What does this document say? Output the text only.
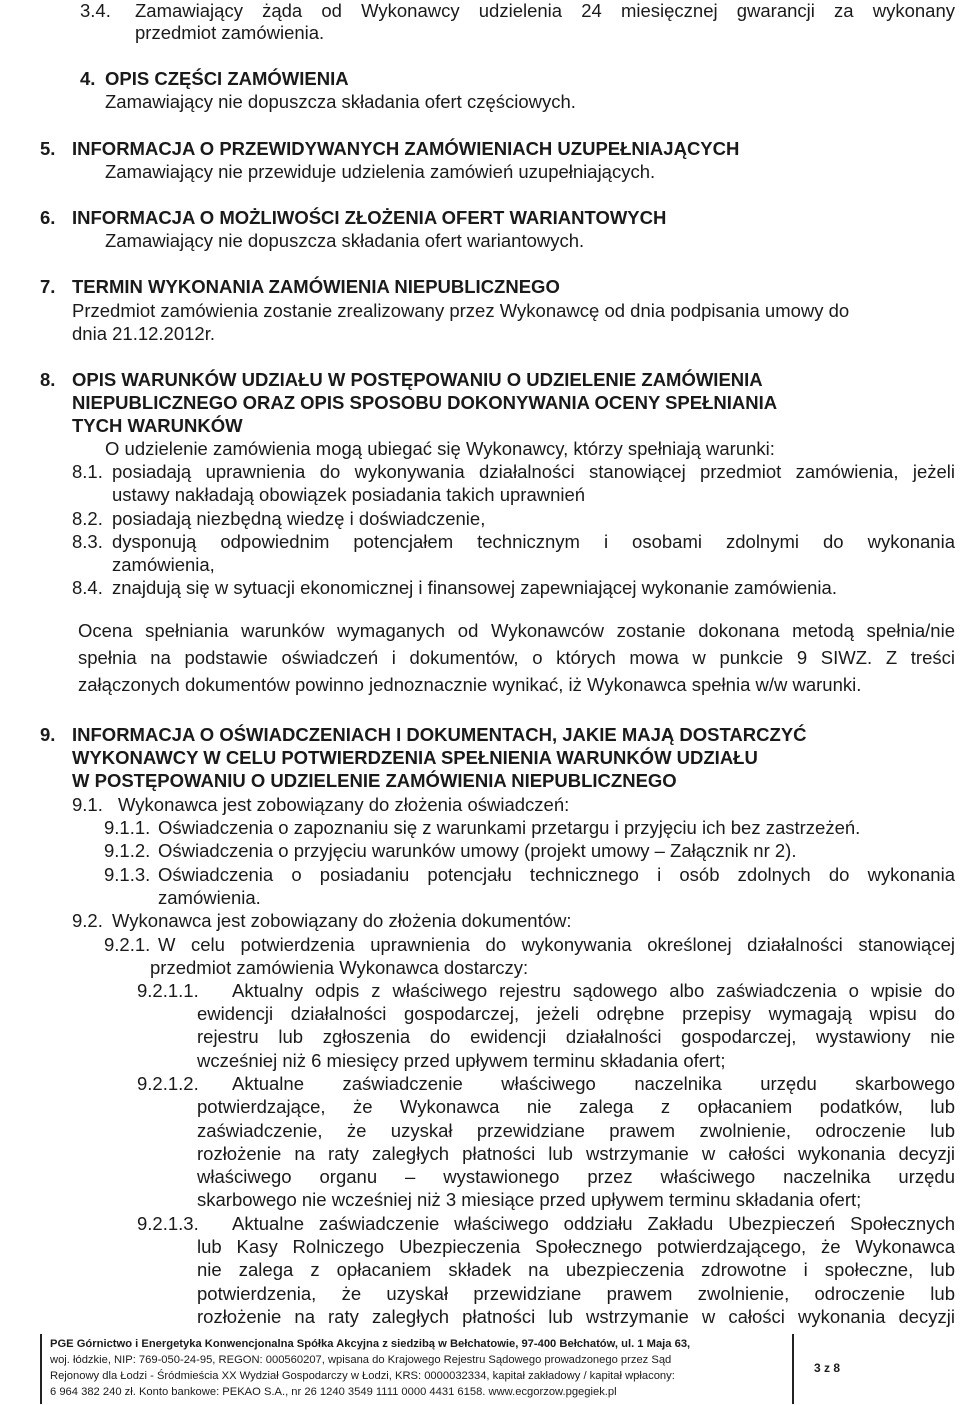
3.4. Zamawiający żąda od Wykonawcy udzielenia 24 miesięcznej gwarancji za wykonany
przedmiot zamówienia.
4. OPIS CZĘŚCI ZAMÓWIENIA
Zamawiający nie dopuszcza składania ofert częściowych.
5. INFORMACJA O PRZEWIDYWANYCH ZAMÓWIENIACH UZUPEŁNIAJĄCYCH
Zamawiający nie przewiduje udzielenia zamówień uzupełniających.
6. INFORMACJA O MOŻLIWOŚCI ZŁOŻENIA OFERT WARIANTOWYCH
Zamawiający nie dopuszcza składania ofert wariantowych.
7. TERMIN WYKONANIA ZAMÓWIENIA NIEPUBLICZNEGO
Przedmiot zamówienia zostanie zrealizowany przez Wykonawcę od dnia podpisania umowy do
dnia 21.12.2012r.
8. OPIS WARUNKÓW UDZIAŁU W POSTĘPOWANIU O UDZIELENIE ZAMÓWIENIA
NIEPUBLICZNEGO ORAZ OPIS SPOSOBU DOKONYWANIA OCENY SPEŁNIANIA
TYCH WARUNKÓW
O udzielenie zamówienia mogą ubiegać się Wykonawcy, którzy spełniają warunki:
8.1. posiadają uprawnienia do wykonywania działalności stanowiącej przedmiot zamówienia, jeżeli
ustawy nakładają obowiązek posiadania takich uprawnień
8.2. posiadają niezbędną wiedzę i doświadczenie,
8.3. dysponują odpowiednim potencjałem technicznym i osobami zdolnymi do wykonania
zamówienia,
8.4. znajdują się w sytuacji ekonomicznej i finansowej zapewniającej wykonanie zamówienia.
Ocena spełniania warunków wymaganych od Wykonawców zostanie dokonana metodą spełnia/nie
spełnia na podstawie oświadczeń i dokumentów, o których mowa w punkcie 9 SIWZ. Z treści
załączonych dokumentów powinno jednoznacznie wynikać, iż Wykonawca spełnia w/w warunki.
9. INFORMACJA O OŚWIADCZENIACH I DOKUMENTACH, JAKIE MAJĄ DOSTARCZYĆ
WYKONAWCY W CELU POTWIERDZENIA SPEŁNIENIA WARUNKÓW UDZIAŁU
W POSTĘPOWANIU O UDZIELENIE ZAMÓWIENIA NIEPUBLICZNEGO
9.1. Wykonawca jest zobowiązany do złożenia oświadczeń:
9.1.1. Oświadczenia o zapoznaniu się z warunkami przetargu i przyjęciu ich bez zastrzeżeń.
9.1.2. Oświadczenia o przyjęciu warunków umowy (projekt umowy – Załącznik nr 2).
9.1.3. Oświadczenia o posiadaniu potencjału technicznego i osób zdolnych do wykonania
zamówienia.
9.2. Wykonawca jest zobowiązany do złożenia dokumentów:
9.2.1. W celu potwierdzenia uprawnienia do wykonywania określonej działalności stanowiącej
przedmiot zamówienia Wykonawca dostarczy:
9.2.1.1. Aktualny odpis z właściwego rejestru sądowego albo zaświadczenia o wpisie do
ewidencji działalności gospodarczej, jeżeli odrębne przepisy wymagają wpisu do
rejestru lub zgłoszenia do ewidencji działalności gospodarczej, wystawiony nie
wcześniej niż 6 miesięcy przed upływem terminu składania ofert;
9.2.1.2. Aktualne zaświadczenie właściwego naczelnika urzędu skarbowego
potwierdzające, że Wykonawca nie zalega z opłacaniem podatków, lub
zaświadczenie, że uzyskał przewidziane prawem zwolnienie, odroczenie lub
rozłożenie na raty zaległych płatności lub wstrzymanie w całości wykonania decyzji
właściwego organu – wystawionego przez właściwego naczelnika urzędu
skarbowego nie wcześniej niż 3 miesiące przed upływem terminu składania ofert;
9.2.1.3. Aktualne zaświadczenie właściwego oddziału Zakładu Ubezpieczeń Społecznych
lub Kasy Rolniczego Ubezpieczenia Społecznego potwierdzającego, że Wykonawca
nie zalega z opłacaniem składek na ubezpieczenia zdrowotne i społeczne, lub
potwierdzenia, że uzyskał przewidziane prawem zwolnienie, odroczenie lub
rozłożenie na raty zaległych płatności lub wstrzymanie w całości wykonania decyzji
PGE Górnictwo i Energetyka Konwencjonalna Spółka Akcyjna z siedzibą w Bełchatowie, 97-400 Bełchatów, ul. 1 Maja 63,
woj. łódzkie, NIP: 769-050-24-95, REGON: 000560207, wpisana do Krajowego Rejestru Sądowego prowadzonego przez Sąd
Rejonowy dla Łodzi - Śródmieścia XX Wydział Gospodarczy w Łodzi, KRS: 0000032334, kapitał zakładowy / kapitał wpłacony:
6 964 382 240 zł. Konto bankowe: PEKAO S.A., nr 26 1240 3549 1111 0000 4431 6158. www.ecgorzow.pgegiek.pl
3 z 8
